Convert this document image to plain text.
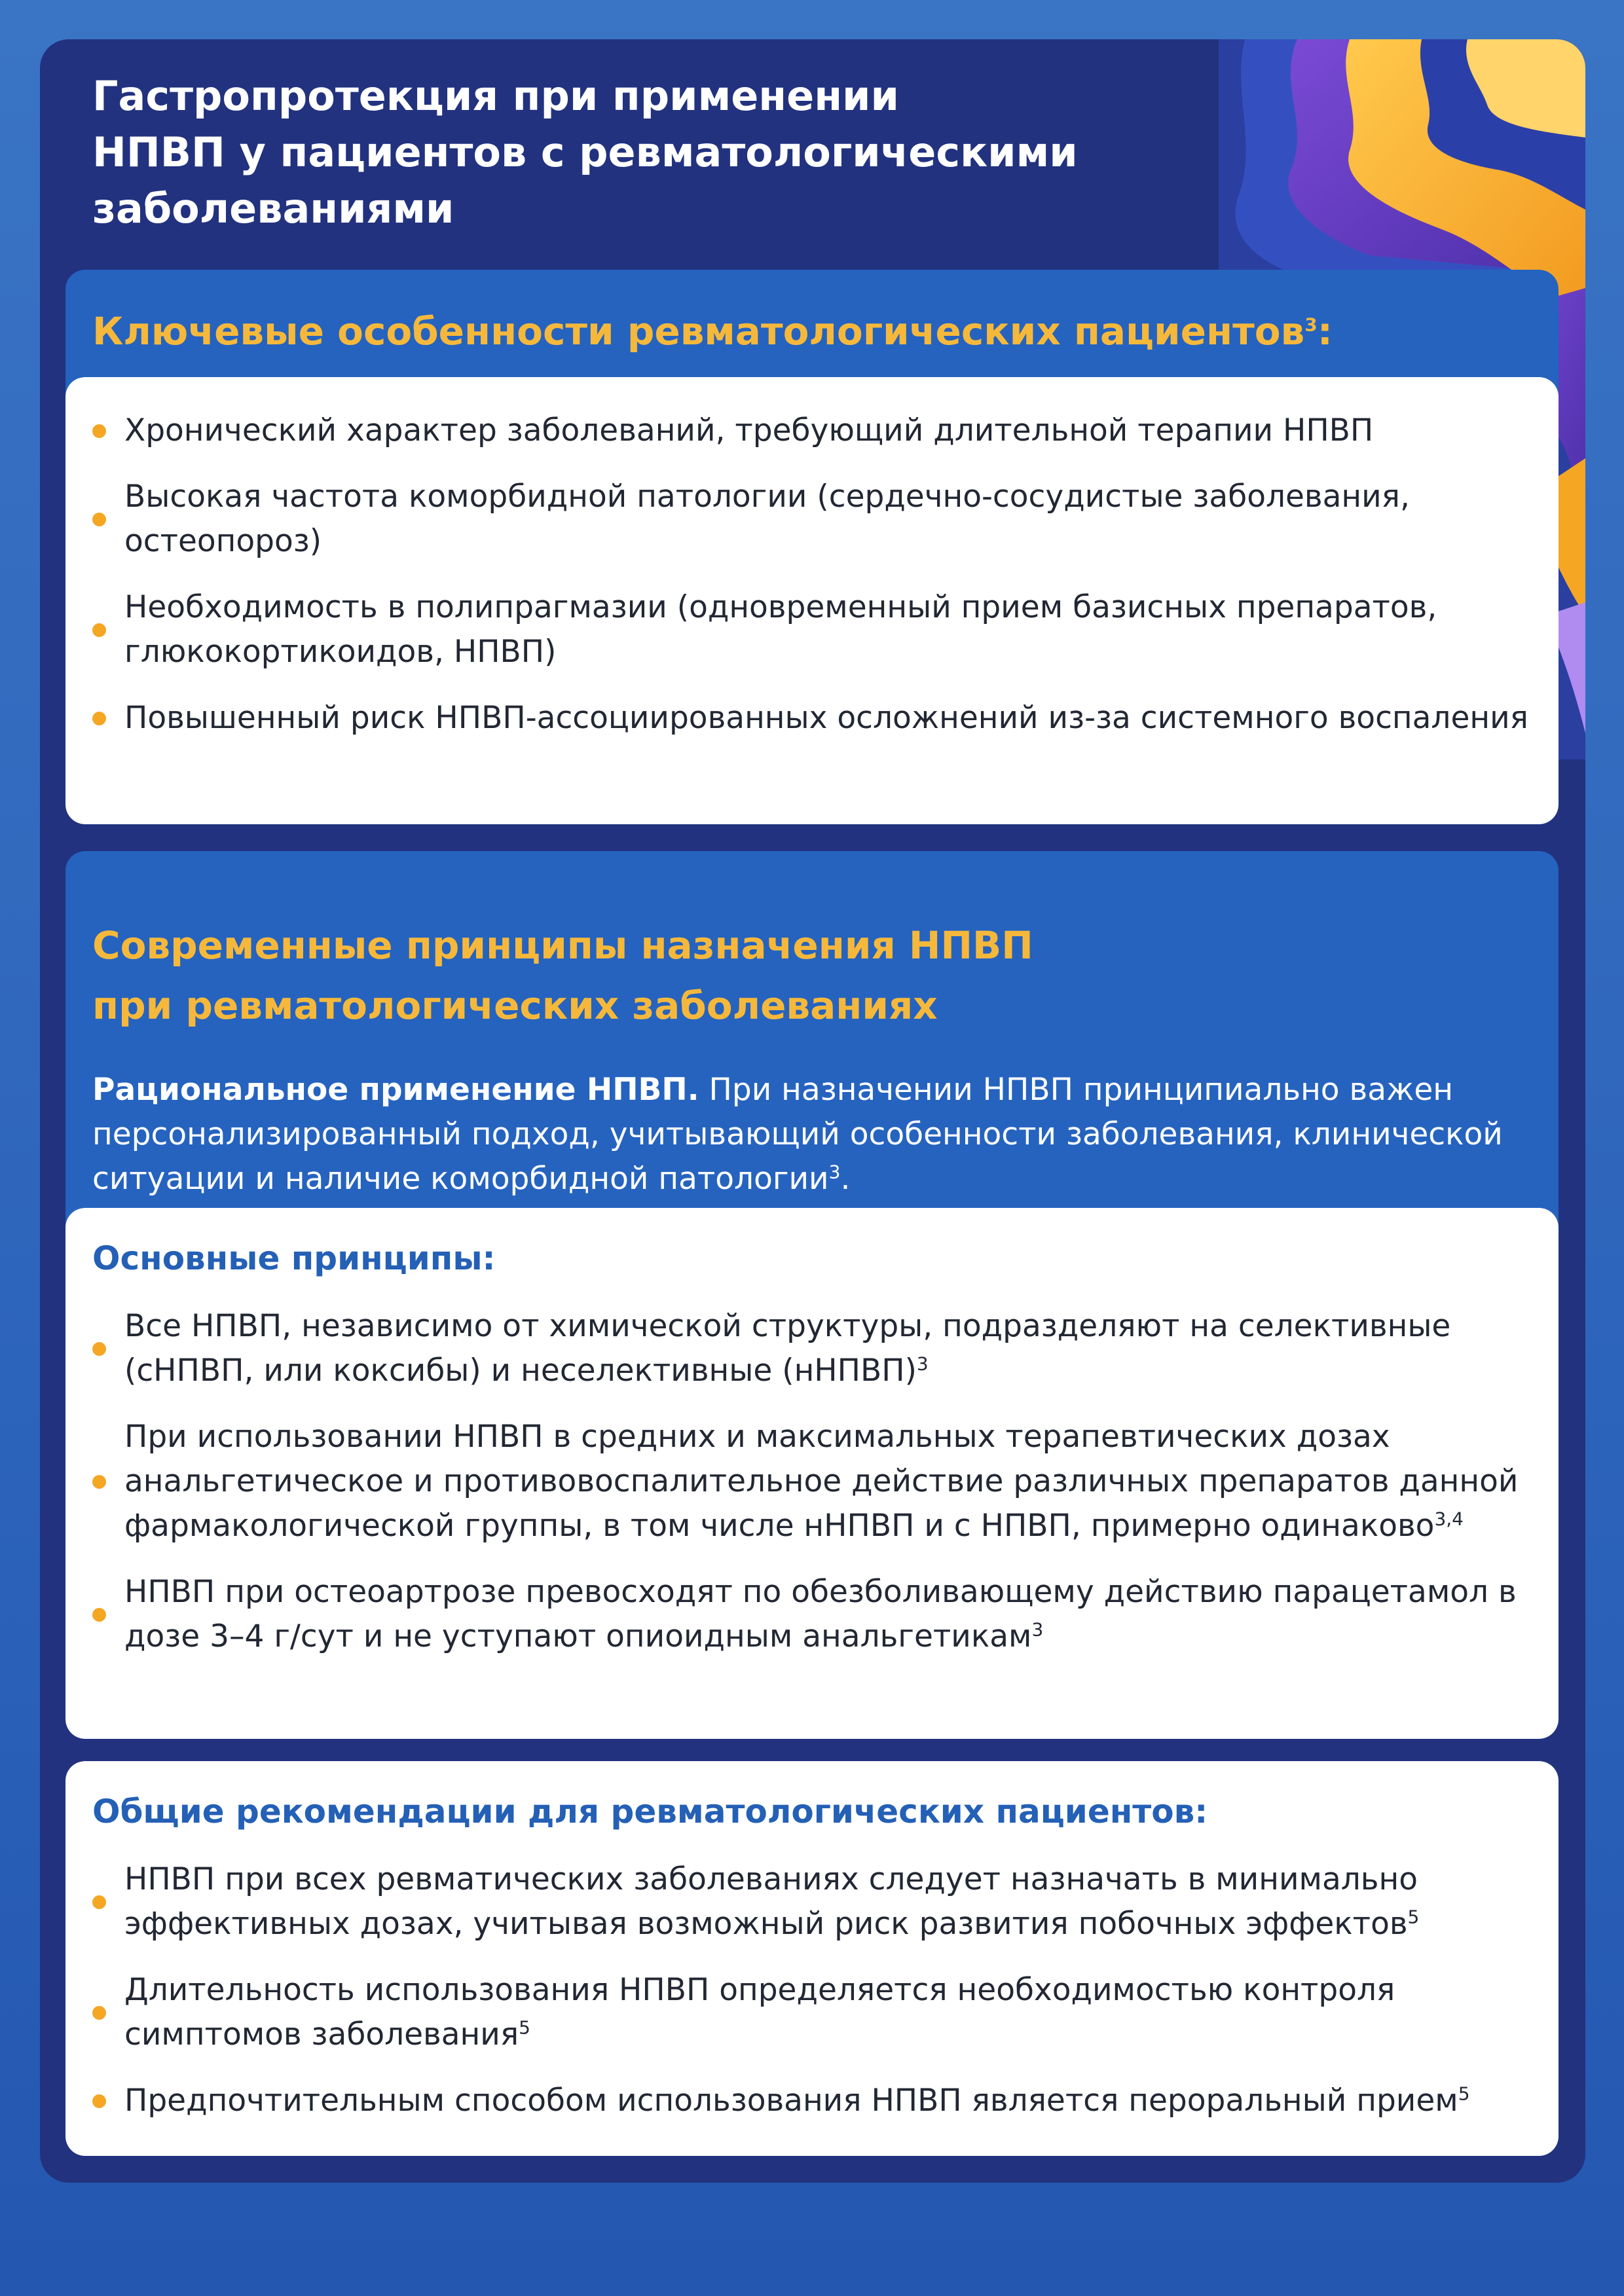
Гастропротекция при применении
НПВП у пациентов с ревматологическими
заболеваниями
Ключевые особенности ревматологических пациентов$^3$:
Хронический характер заболеваний, требующий длительной терапии НПВП
Высокая частота коморбидной патологии (сердечно-сосудистые заболевания, остеопороз)
Необходимость в полипрагмазии (одновременный прием базисных препаратов, глюкокортикоидов, НПВП)
Повышенный риск НПВП-ассоциированных осложнений из-за системного воспаления
Современные принципы назначения НПВП
при ревматологических заболеваниях

Рациональное применение НПВП. При назначении НПВП принципиально важен персонализированный подход, учитывающий особенности заболевания, клинической ситуации и наличие коморбидной патологии$^3$.

Основные принципы:
Все НПВП, независимо от химической структуры, подразделяют на селективные (сНПВП, или коксибы) и неселективные (нНПВП)$^3$
При использовании НПВП в средних и максимальных терапевтических дозах анальгетическое и противовоспалительное действие различных препаратов данной фармакологической группы, в том числе нНПВП и с НПВП, примерно одинаково$^{3,4}$
НПВП при остеоартрозе превосходят по обезболивающему действию парацетамол в дозе 3–4 г/сут и не уступают опиоидным анальгетикам$^3$
Общие рекомендации для ревматологических пациентов:
НПВП при всех ревматических заболеваниях следует назначать в минимально эффективных дозах, учитывая возможный риск развития побочных эффектов$^5$
Длительность использования НПВП определяется необходимостью контроля симптомов заболевания$^5$
Предпочтительным способом использования НПВП является пероральный прием$^5$
